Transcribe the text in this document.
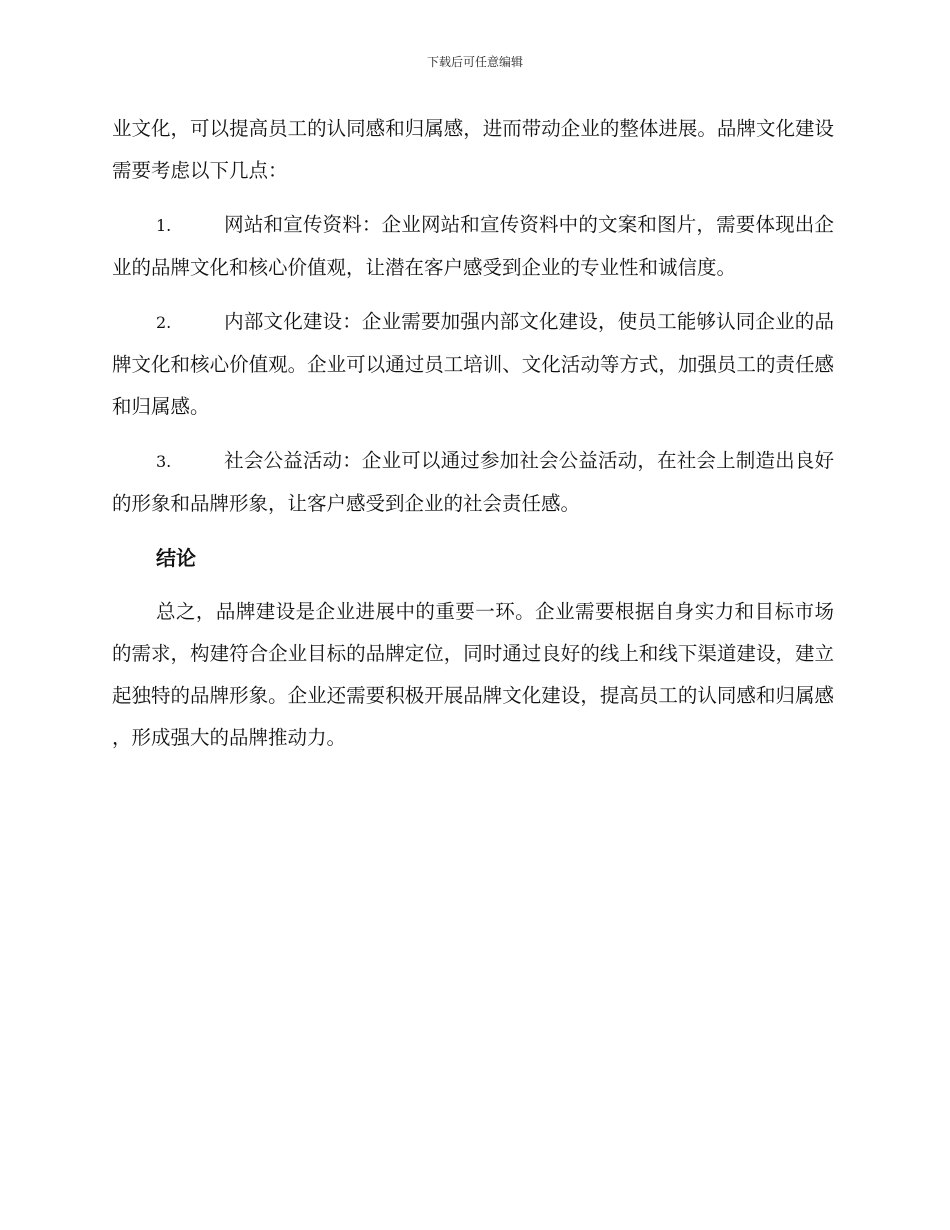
下载后可任意编辑

业文化，可以提高员工的认同感和归属感，进而带动企业的整体进展。品牌文化建设需要考虑以下几点：

1.	网站和宣传资料：企业网站和宣传资料中的文案和图片，需要体现出企业的品牌文化和核心价值观，让潜在客户感受到企业的专业性和诚信度。

2.	内部文化建设：企业需要加强内部文化建设，使员工能够认同企业的品牌文化和核心价值观。企业可以通过员工培训、文化活动等方式，加强员工的责任感和归属感。

3.	社会公益活动：企业可以通过参加社会公益活动，在社会上制造出良好的形象和品牌形象，让客户感受到企业的社会责任感。

结论

总之，品牌建设是企业进展中的重要一环。企业需要根据自身实力和目标市场的需求，构建符合企业目标的品牌定位，同时通过良好的线上和线下渠道建设，建立起独特的品牌形象。企业还需要积极开展品牌文化建设，提高员工的认同感和归属感，形成强大的品牌推动力。
